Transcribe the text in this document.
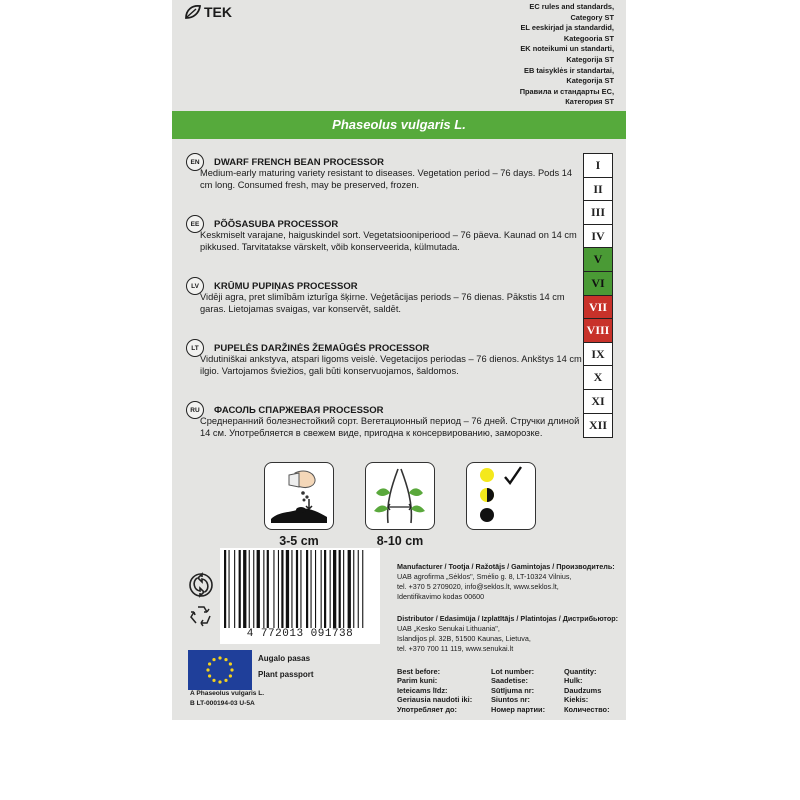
TEK	EC rules and standards,
Category ST
EL eeskirjad ja standardid,
Kategooria ST
EK noteikumi un standarti,
Kategorija ST
EB taisyklės ir standartai,
Kategorija ST
Правила и стандарты ЕС,
Категория ST
Phaseolus vulgaris L.
EN	DWARF FRENCH BEAN PROCESSOR
Medium-early maturing variety resistant to diseases. Vegetation period – 76 days. Pods 14 cm long. Consumed fresh, may be preserved, frozen.
EE	PÕÕSASUBA PROCESSOR
Keskmiselt varajane, haiguskindel sort. Vegetatsiooniperiood – 76 päeva. Kaunad on 14 cm pikkused. Tarvitatakse värskelt, võib konserveerida, külmutada.
LV	KRŪMU PUPIŅAS PROCESSOR
Vidēji agra, pret slimībām izturīga šķirne. Veģetācijas periods – 76 dienas. Pākstis 14 cm garas. Lietojamas svaigas, var konservēt, saldēt.
LT	PUPELĖS DARŽINĖS ŽEMAŪGĖS PROCESSOR
Vidutiniškai ankstyva, atspari ligoms veislė. Vegetacijos periodas – 76 dienos. Ankštys 14 cm ilgio. Vartojamos šviežios, gali būti konservuojamos, šaldomos.
RU	ФАСОЛЬ СПАРЖЕВАЯ PROCESSOR
Среднеранний болезнестойкий сорт. Вегетационный период – 76 дней. Стручки длиной 14 см. Употребляется в свежем виде, пригодна к консервированию, заморозке.
I
II
III
IV
V
VI
VII
VIII
IX
X
XI
XII
3-5 cm	8-10 cm
4 772013 091738
Manufacturer / Tootja / Ražotājs / Gamintojas / Производитель:
UAB agrofirma „Sėklos", Smėlio g. 8, LT-10324 Vilnius,
tel. +370 5 2709020, info@seklos.lt, www.seklos.lt,
Identifikavimo kodas 00600
Distributor / Edasimüja / Izplatītājs / Platintojas / Дистрибьютор:
UAB „Kesko Senukai Lithuania",
Islandijos pl. 32B, 51500 Kaunas, Lietuva,
tel. +370 700 11 119, www.senukai.lt
Augalo pasas
Plant passport
A Phaseolus vulgaris L.
B LT-000194-03 U-5A
Best before:
Parim kuni:
Ieteicams līdz:
Geriausia naudoti iki:
Употребляет до:
Lot number:
Saadetise:
Sūtījuma nr:
Siuntos nr:
Номер партии:
Quantity:
Hulk:
Daudzums
Kiekis:
Количество:
